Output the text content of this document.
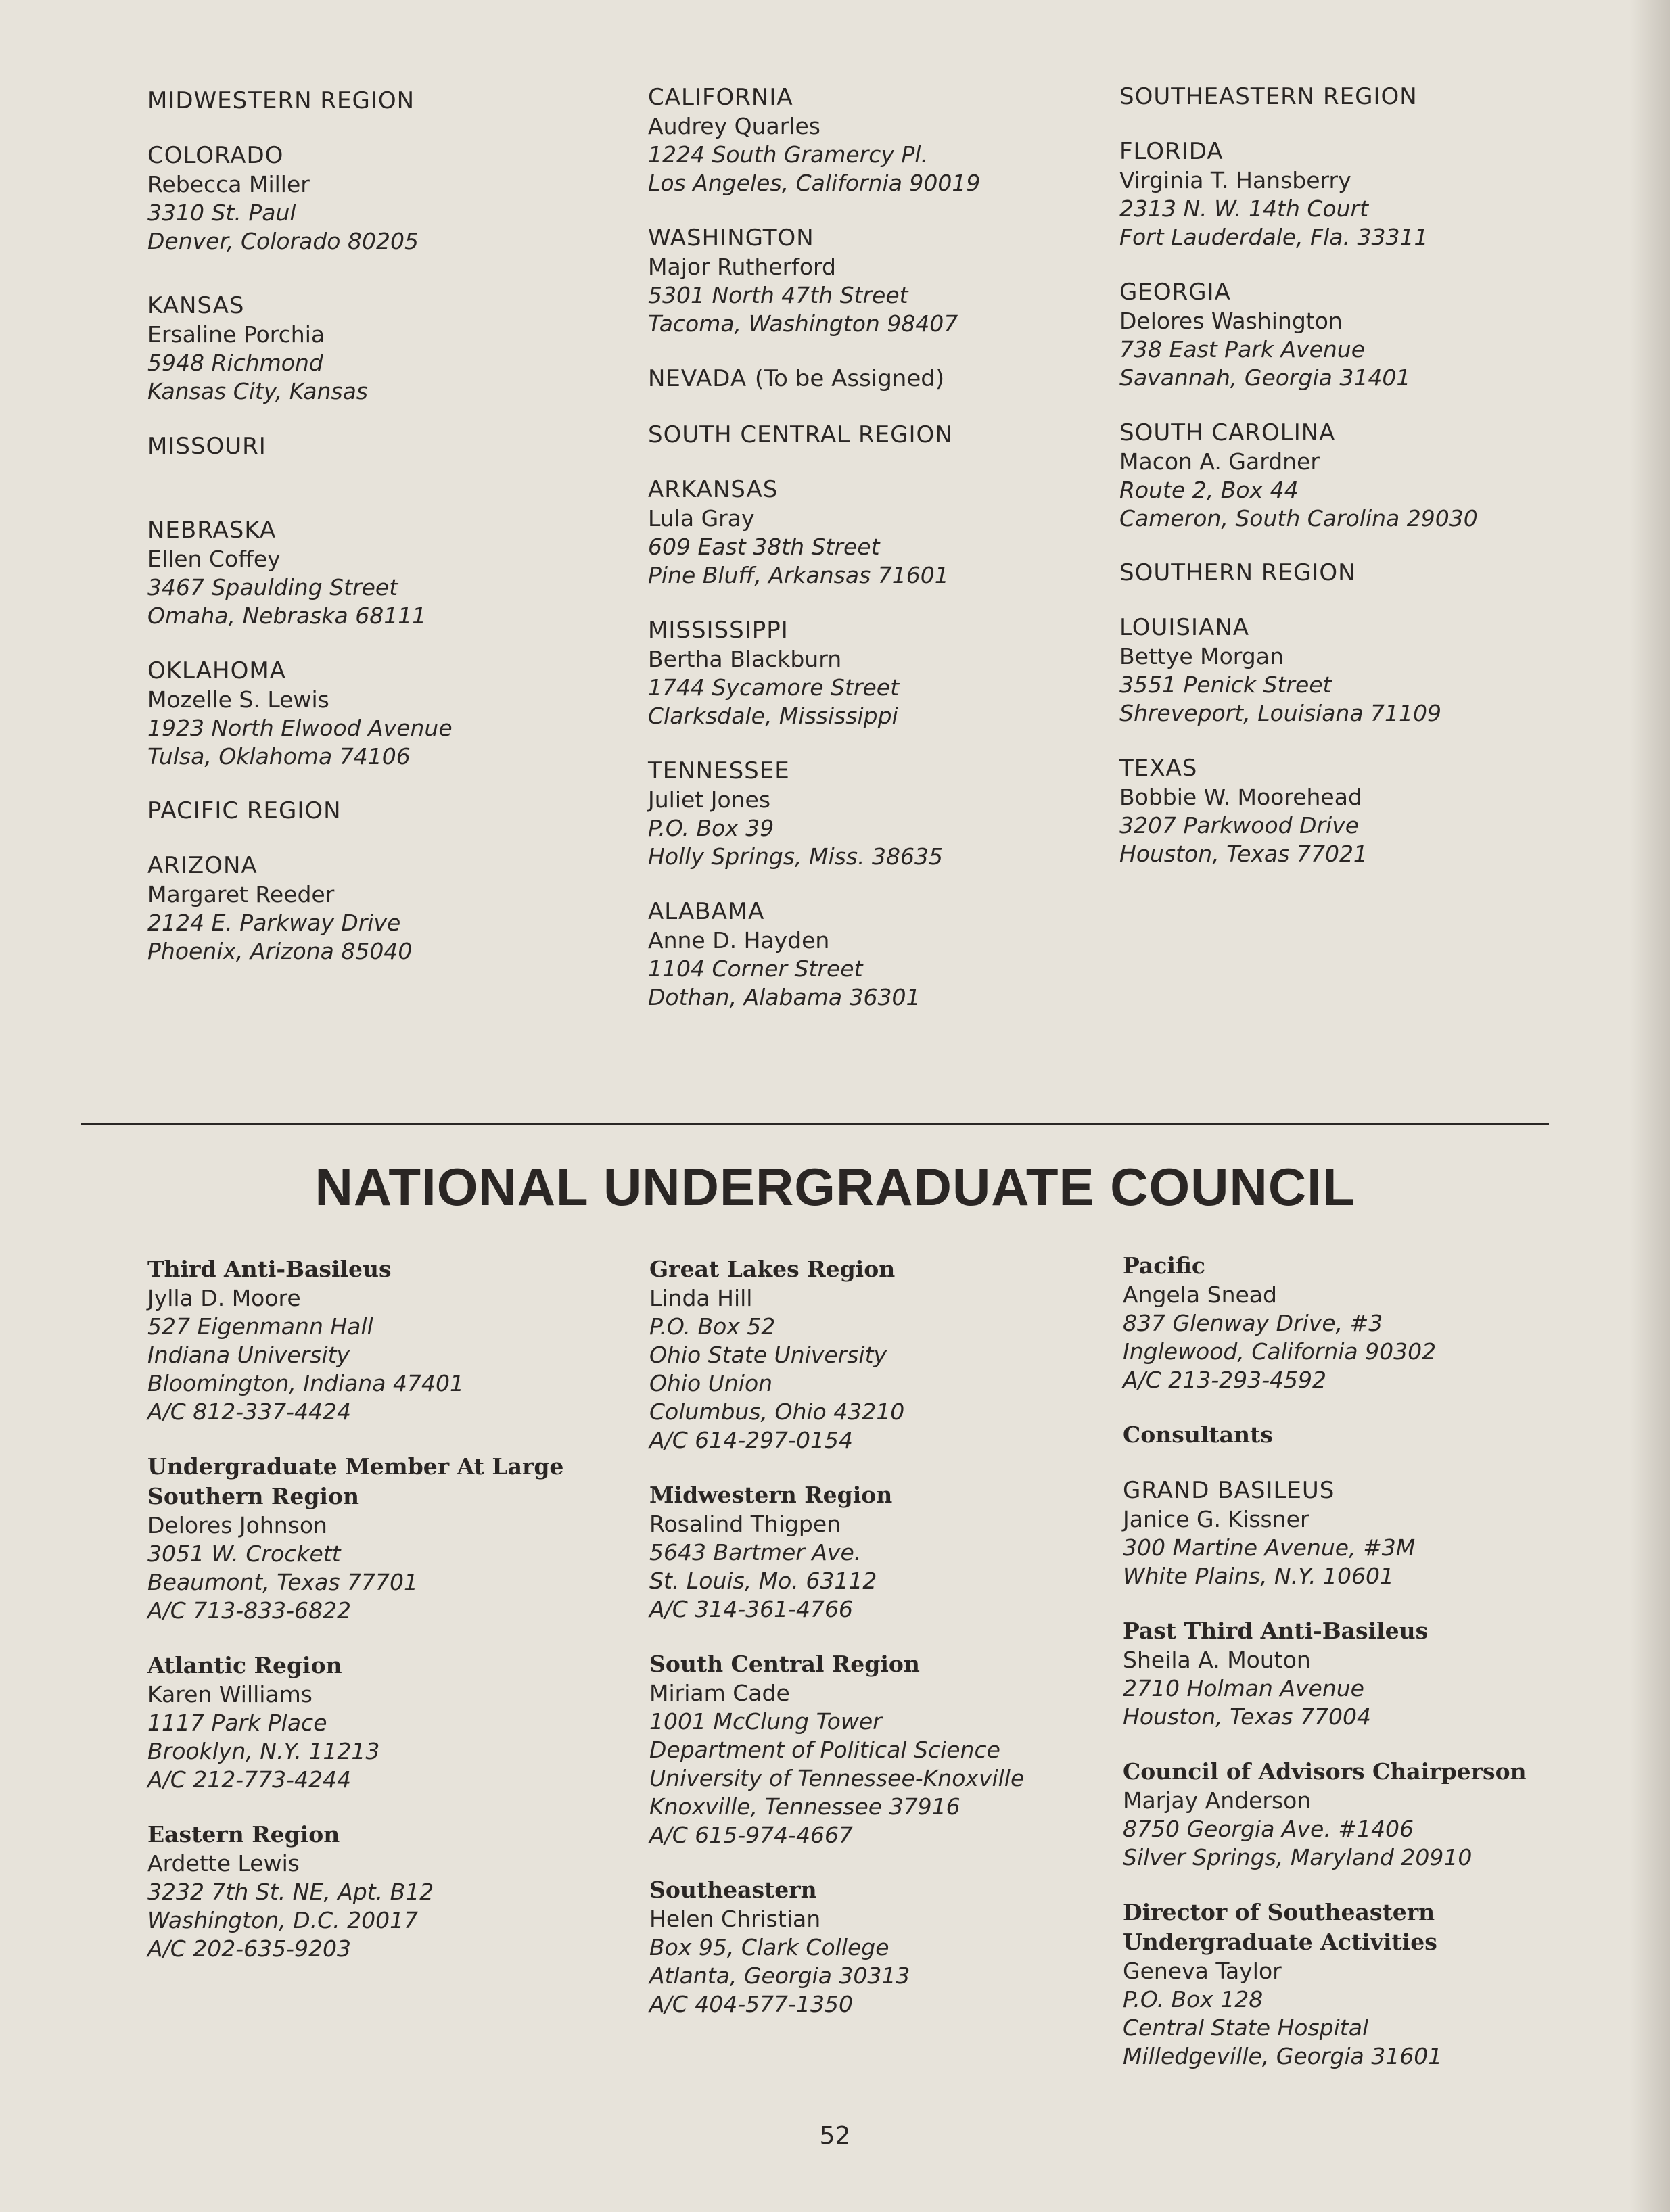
MIDWESTERN REGION

COLORADO

Rebecca Miller

3310 St. Paul

Denver, Colorado 80205

KANSAS

Ersaline Porchia

5948 Richmond

Kansas City, Kansas

MISSOURI

NEBRASKA

Ellen Coffey

3467 Spaulding Street

Omaha, Nebraska 68111

OKLAHOMA

Mozelle S. Lewis

1923 North Elwood Avenue

Tulsa, Oklahoma 74106

PACIFIC REGION

ARIZONA

Margaret Reeder

2124 E. Parkway Drive

Phoenix, Arizona 85040

CALIFORNIA

Audrey Quarles

1224 South Gramercy Pl.

Los Angeles, California 90019

WASHINGTON

Major Rutherford

5301 North 47th Street

Tacoma, Washington 98407

NEVADA (To be Assigned)

SOUTH CENTRAL REGION

ARKANSAS

Lula Gray

609 East 38th Street

Pine Bluff, Arkansas 71601

MISSISSIPPI

Bertha Blackburn

1744 Sycamore Street

Clarksdale, Mississippi

TENNESSEE

Juliet Jones

P.O. Box 39

Holly Springs, Miss. 38635

ALABAMA

Anne D. Hayden

1104 Corner Street

Dothan, Alabama 36301

SOUTHEASTERN REGION

FLORIDA

Virginia T. Hansberry

2313 N. W. 14th Court

Fort Lauderdale, Fla. 33311

GEORGIA

Delores Washington

738 East Park Avenue

Savannah, Georgia 31401

SOUTH CAROLINA

Macon A. Gardner

Route 2, Box 44

Cameron, South Carolina 29030

SOUTHERN REGION

LOUISIANA

Bettye Morgan

3551 Penick Street

Shreveport, Louisiana 71109

TEXAS

Bobbie W. Moorehead

3207 Parkwood Drive

Houston, Texas 77021

NATIONAL UNDERGRADUATE COUNCIL

Third Anti-Basileus

Jylla D. Moore

527 Eigenmann Hall

Indiana University

Bloomington, Indiana 47401

A/C 812-337-4424

Undergraduate Member At Large

Southern Region

Delores Johnson

3051 W. Crockett

Beaumont, Texas 77701

A/C 713-833-6822

Atlantic Region

Karen Williams

1117 Park Place

Brooklyn, N.Y. 11213

A/C 212-773-4244

Eastern Region

Ardette Lewis

3232 7th St. NE, Apt. B12

Washington, D.C. 20017

A/C 202-635-9203

Great Lakes Region

Linda Hill

P.O. Box 52

Ohio State University

Ohio Union

Columbus, Ohio 43210

A/C 614-297-0154

Midwestern Region

Rosalind Thigpen

5643 Bartmer Ave.

St. Louis, Mo. 63112

A/C 314-361-4766

South Central Region

Miriam Cade

1001 McClung Tower

Department of Political Science

University of Tennessee-Knoxville

Knoxville, Tennessee 37916

A/C 615-974-4667

Southeastern

Helen Christian

Box 95, Clark College

Atlanta, Georgia 30313

A/C 404-577-1350

Pacific

Angela Snead

837 Glenway Drive, #3

Inglewood, California 90302

A/C 213-293-4592

Consultants

GRAND BASILEUS

Janice G. Kissner

300 Martine Avenue, #3M

White Plains, N.Y. 10601

Past Third Anti-Basileus

Sheila A. Mouton

2710 Holman Avenue

Houston, Texas 77004

Council of Advisors Chairperson

Marjay Anderson

8750 Georgia Ave. #1406

Silver Springs, Maryland 20910

Director of Southeastern

Undergraduate Activities

Geneva Taylor

P.O. Box 128

Central State Hospital

Milledgeville, Georgia 31601

52
